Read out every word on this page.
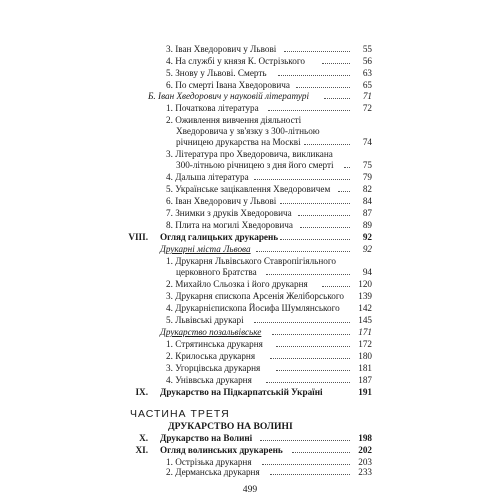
3. Іван Хведорович у Львові	55
4. На службі у князя К. Острізького	56
5. Знову у Львові. Смерть	63
6. По смерті Івана Хведоровича	65
Б. Іван Хведорович у науковій літературі	71
1. Початкова література	72
2. Оживлення вивчення діяльності
Хведоровича у зв'язку з 300-літньою
річницею друкарства на Москві	74
3. Література про Хведоровича, викликана
300-літньою річницею з дня його смерті	75
4. Дальша література	79
5. Українське зацікавлення Хведоровичем	82
6. Іван Хведорович у Львові	84
7. Знимки з друків Хведоровича	87
8. Плита на могилі Хведоровича	89
VIII. Огляд галицьких друкарень	92
Друкарні міста Львова	92
1. Друкарня Львівського Ставропігіяльного
церковного Братства	94
2. Михайло Сльозка і його друкарня	120
3. Друкарня єпископа Арсенія Желіборського 139
4. Друкарнієпископа Йосифа Шумлянського 142
5. Львівські друкарі	145
Друкарство позальвівське	171
1. Стрятинська друкарня	172
2. Крилоська друкарня	180
3. Угорцівська друкарня	181
4. Уніввська друкарня	187
IX. Друкарство на Підкарпатській Україні	191
ЧАСТИНА ТРЕТЯ
ДРУКАРСТВО НА ВОЛИНІ
X. Друкарство на Волині	198
XI. Огляд волинських друкарень	202
1. Острізька друкарня	203
2. Дерманська друкарня	233
499
